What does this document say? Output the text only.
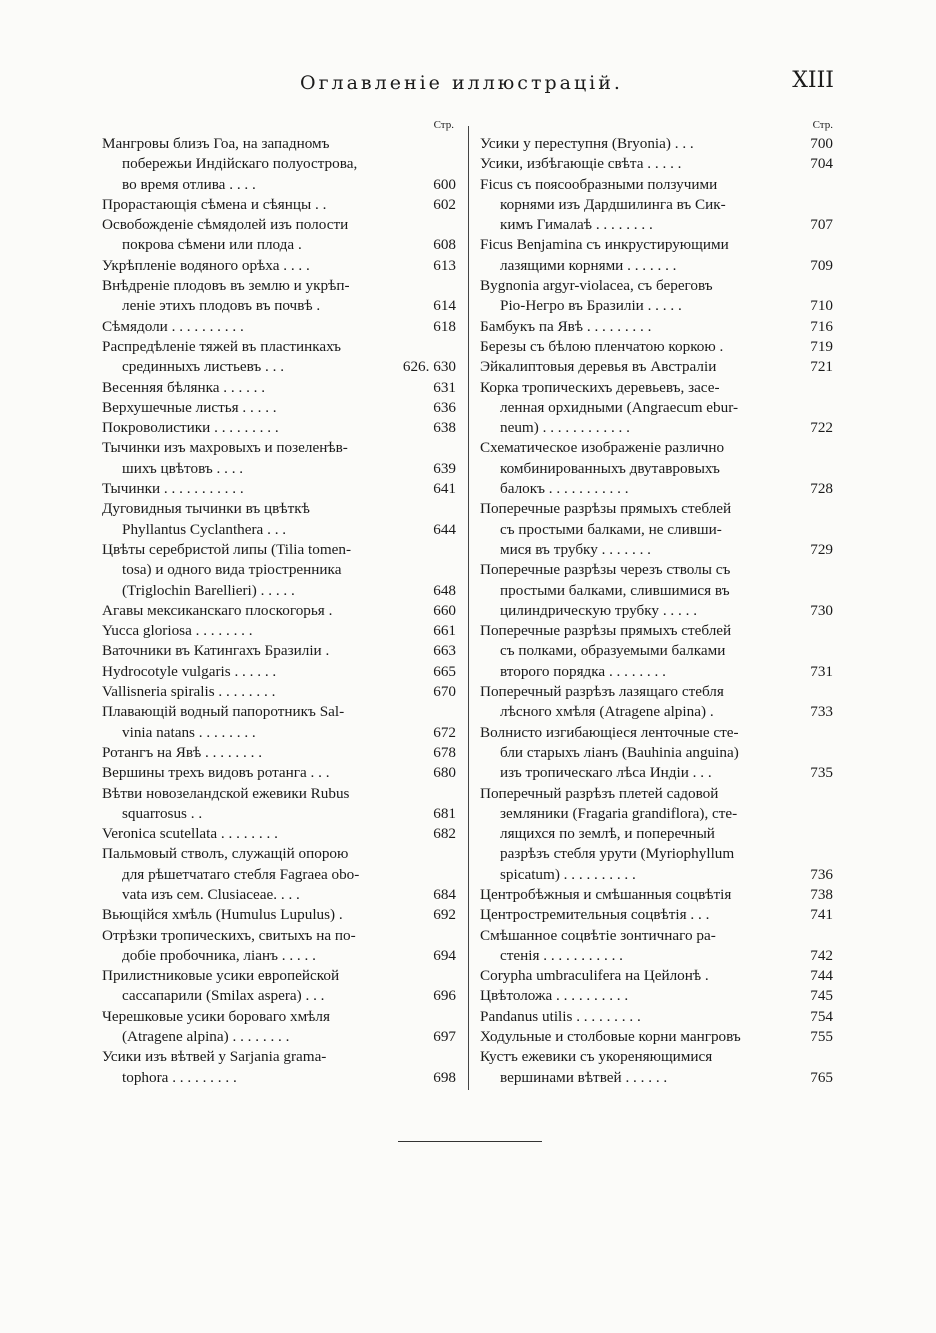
Оглавленіе иллюстрацій.	XIII
Стр.
Мангровы близъ Гоа, на западномъ
побережьи Индійскаго полуострова,
во время отлива . . . .	600
Прорастающія сѣмена и сѣянцы . .	602
Освобожденіе сѣмядолей изъ полости
покрова сѣмени или плода .	608
Укрѣпленіе водяного орѣха . . . .	613
Внѣдреніе плодовъ въ землю и укрѣп-
леніе этихъ плодовъ въ почвѣ .	614
Сѣмядоли . . . . . . . . . .	618
Распредѣленіе тяжей въ пластинкахъ
срединныхъ листьевъ . . .	626. 630
Весенняя бѣлянка . . . . . .	631
Верхушечные листья . . . . .	636
Покроволистики . . . . . . . . .	638
Тычинки изъ махровыхъ и позеленѣв-
шихъ цвѣтовъ . . . .	639
Тычинки . . . . . . . . . . .	641
Дуговидныя тычинки въ цвѣткѣ
Phyllantus Cyclanthera . . .	644
Цвѣты серебристой липы (Tilia tomen-
tosa) и одного вида тріостренника
(Triglochin Barellieri) . . . . .	648
Агавы мексиканскаго плоскогорья .	660
Yucca gloriosa . . . . . . . .	661
Ваточники въ Катингахъ Бразиліи .	663
Hydrocotyle vulgaris . . . . . .	665
Vallisneria spiralis . . . . . . . .	670
Плавающій водный папоротникъ Sal-
vinia natans . . . . . . . .	672
Ротангъ на Явѣ . . . . . . . .	678
Вершины трехъ видовъ ротанга . . .	680
Вѣтви новозеландской ежевики Rubus
squarrosus . .	681
Veronica scutellata . . . . . . . .	682
Пальмовый стволъ, служащій опорою
для рѣшетчатаго стебля Fagraea obo-
vata изъ сем. Clusiaceae. . . .	684
Вьющійся хмѣль (Humulus Lupulus) .	692
Отрѣзки тропическихъ, свитыхъ на по-
добіе пробочника, ліанъ . . . . .	694
Прилистниковые усики европейской
сассапарили (Smilax aspera) . . .	696
Черешковые усики бороваго хмѣля
(Atragene alpina) . . . . . . . .	697
Усики изъ вѣтвей у Sarjania grama-
tophora . . . . . . . . .	698
Стр.
Усики у переступня (Bryonia) . . .	700
Усики, избѣгающіе свѣта . . . . .	704
Ficus съ поясообразными ползучими
корнями изъ Дардшилинга въ Сик-
кимъ Гималаѣ . . . . . . . .	707
Ficus Benjamina съ инкрустирующими
лазящими корнями . . . . . . .	709
Bygnonia argyr-violacea, съ береговъ
Ріо-Негро въ Бразиліи . . . . .	710
Бамбукъ па Явѣ . . . . . . . . .	716
Березы съ бѣлою пленчатою коркою .	719
Эйкалиптовыя деревья въ Австраліи	721
Корка тропическихъ деревьевъ, засе-
ленная орхидными (Angraecum ebur-
neum) . . . . . . . . . . . .	722
Схематическое изображеніе различно
комбинированныхъ двутавровыхъ
балокъ . . . . . . . . . . .	728
Поперечные разрѣзы прямыхъ стеблей
съ простыми балками, не сливши-
мися въ трубку . . . . . . .	729
Поперечные разрѣзы черезъ стволы съ
простыми балками, слившимися въ
цилиндрическую трубку . . . . .	730
Поперечные разрѣзы прямыхъ стеблей
съ полками, образуемыми балками
второго порядка . . . . . . . .	731
Поперечный разрѣзъ лазящаго стебля
лѣсного хмѣля (Atragene alpina) .	733
Волнисто изгибающіеся ленточные сте-
бли старыхъ ліанъ (Bauhinia anguina)
изъ тропическаго лѣса Индіи . . .	735
Поперечный разрѣзъ плетей садовой
земляники (Fragaria grandiflora), сте-
лящихся по землѣ, и поперечный
разрѣзъ стебля урути (Myriophyllum
spicatum) . . . . . . . . . .	736
Центробѣжныя и смѣшанныя соцвѣтія	738
Центростремительныя соцвѣтія . . .	741
Смѣшанное соцвѣтіе зонтичнаго ра-
стенія . . . . . . . . . . .	742
Corypha umbraculifera на Цейлонѣ .	744
Цвѣтоложа . . . . . . . . . .	745
Pandanus utilis . . . . . . . . .	754
Ходульные и столбовые корни мангровъ	755
Кустъ ежевики съ укореняющимися
вершинами вѣтвей . . . . . .	765
